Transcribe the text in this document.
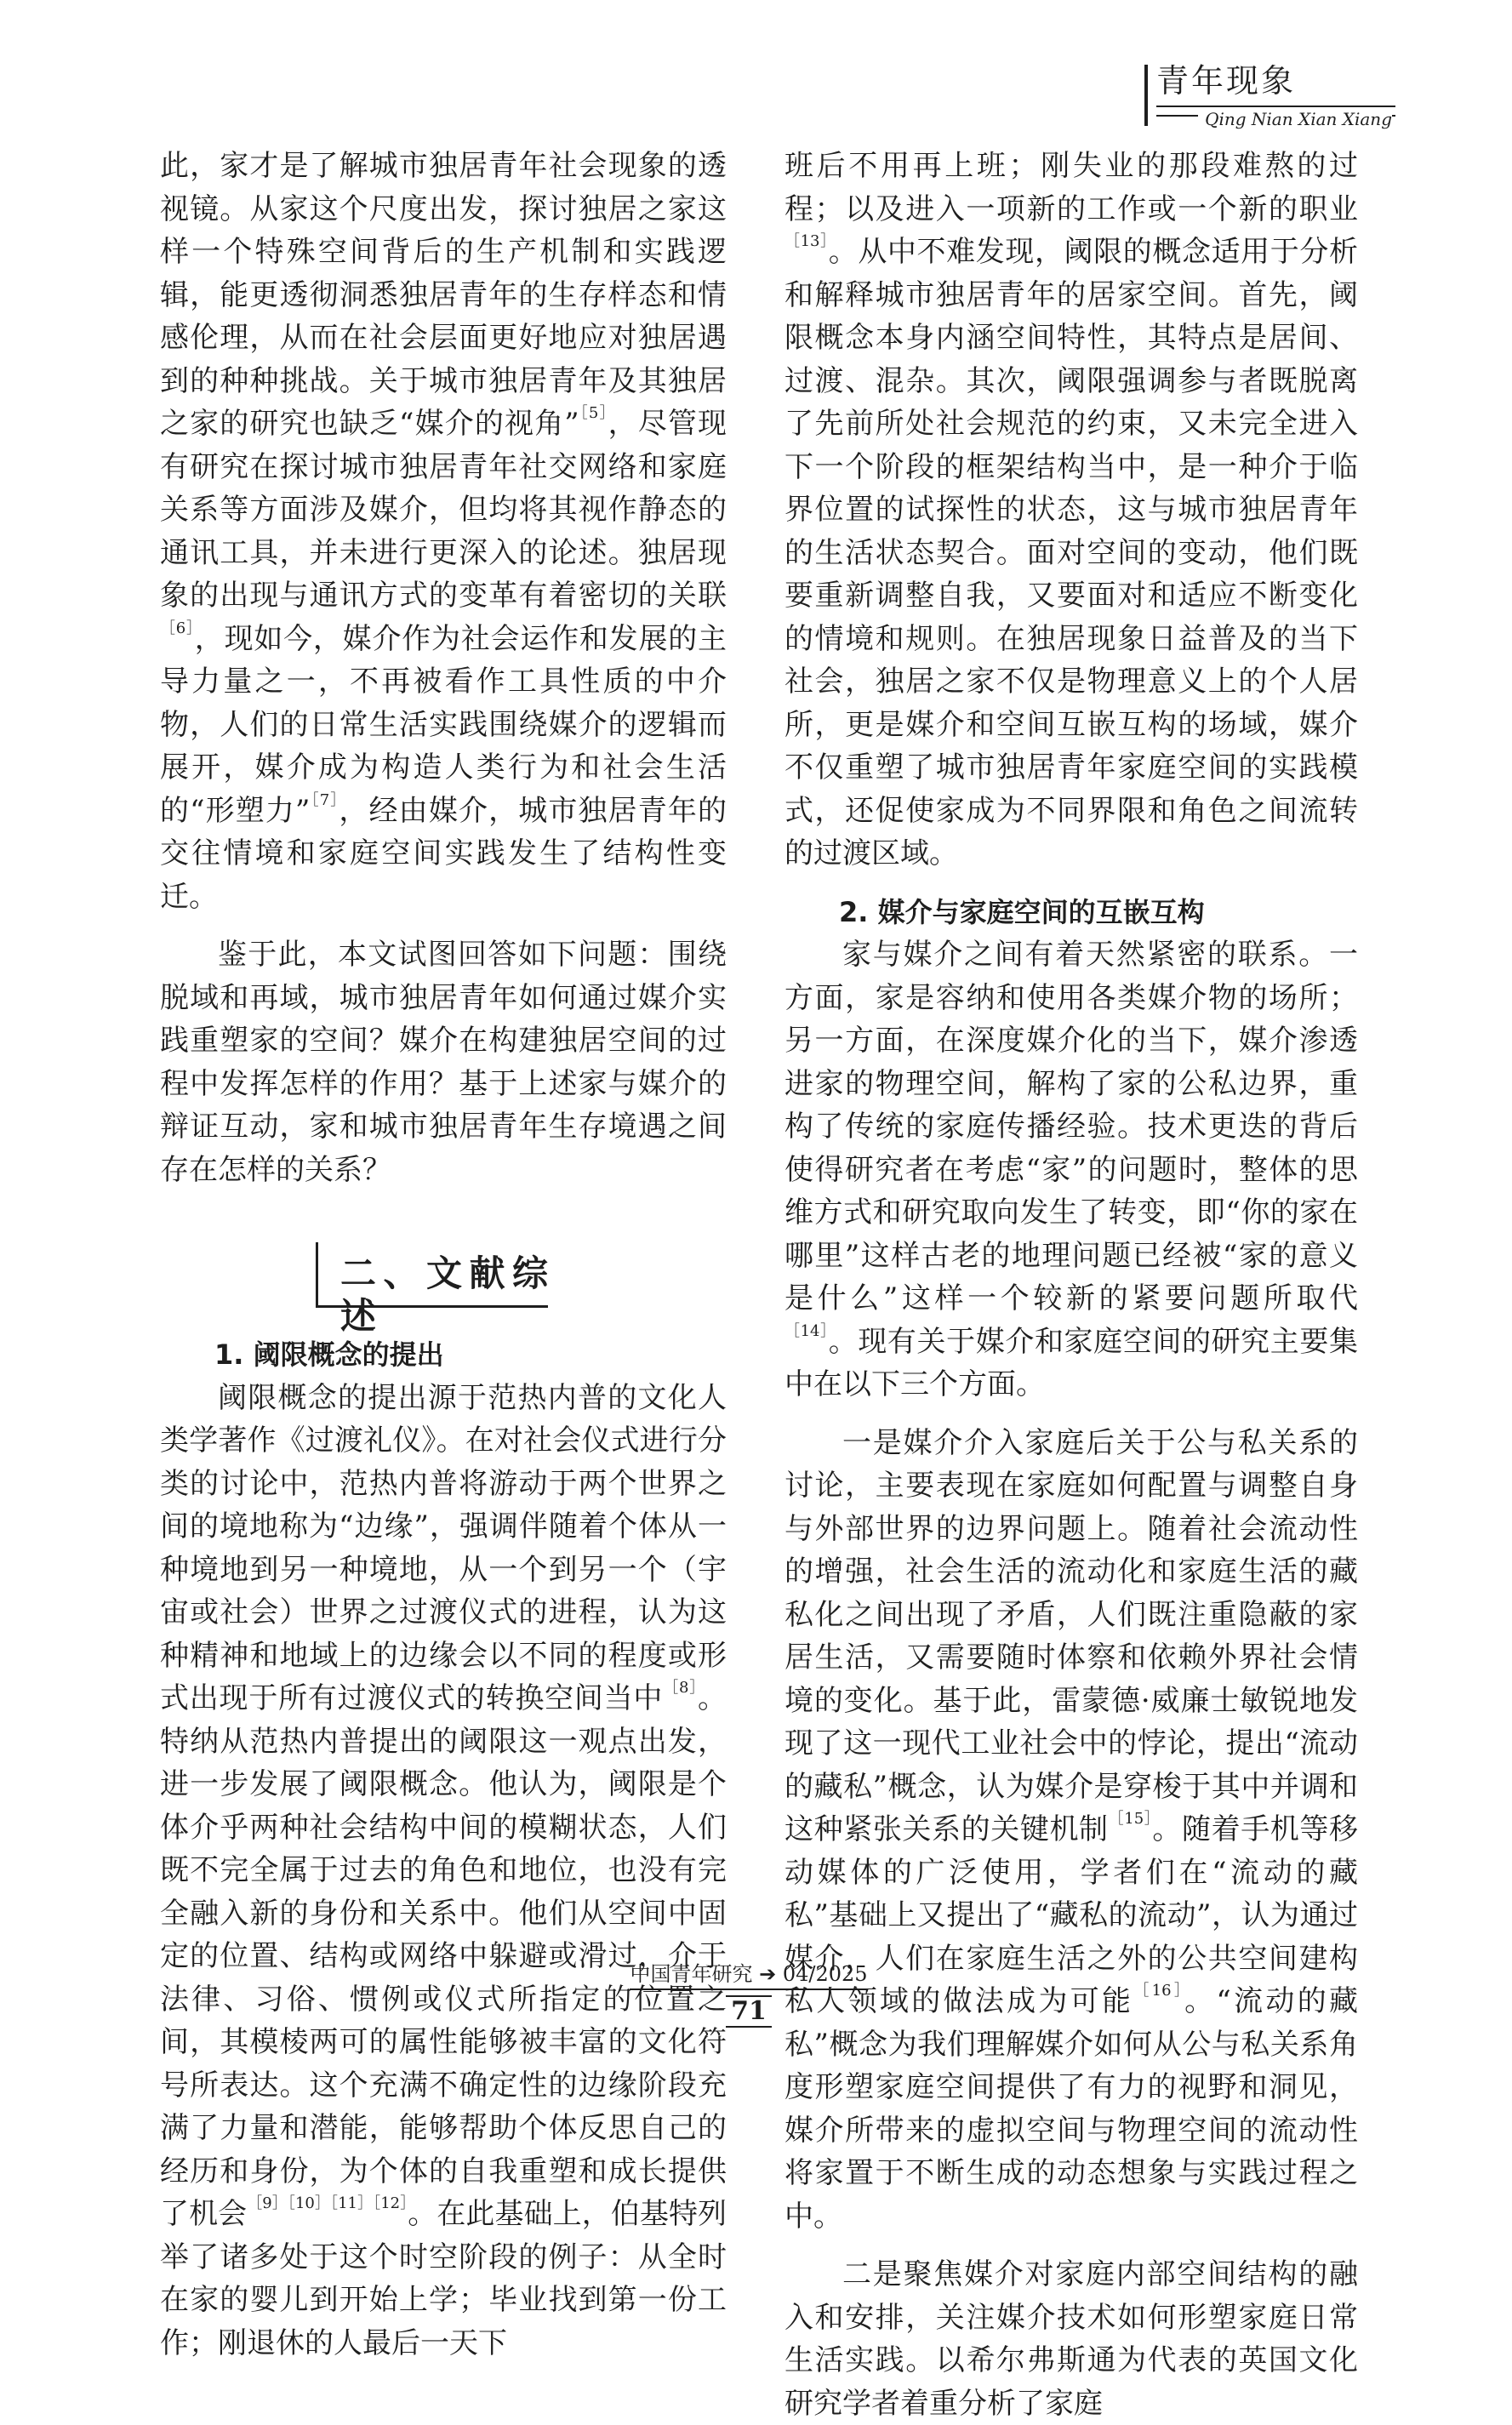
青年现象
Qing Nian Xian Xiang

此，家才是了解城市独居青年社会现象的透视镜。从家这个尺度出发，探讨独居之家这样一个特殊空间背后的生产机制和实践逻辑，能更透彻洞悉独居青年的生存样态和情感伦理，从而在社会层面更好地应对独居遇到的种种挑战。关于城市独居青年及其独居之家的研究也缺乏“媒介的视角”$^{[5]}$，尽管现有研究在探讨城市独居青年社交网络和家庭关系等方面涉及媒介，但均将其视作静态的通讯工具，并未进行更深入的论述。独居现象的出现与通讯方式的变革有着密切的关联$^{[6]}$，现如今，媒介作为社会运作和发展的主导力量之一，不再被看作工具性质的中介物，人们的日常生活实践围绕媒介的逻辑而展开，媒介成为构造人类行为和社会生活的“形塑力”$^{[7]}$，经由媒介，城市独居青年的交往情境和家庭空间实践发生了结构性变迁。

鉴于此，本文试图回答如下问题：围绕脱域和再域，城市独居青年如何通过媒介实践重塑家的空间？媒介在构建独居空间的过程中发挥怎样的作用？基于上述家与媒介的辩证互动，家和城市独居青年生存境遇之间存在怎样的关系？

二、文献综述

1. 阈限概念的提出

阈限概念的提出源于范热内普的文化人类学著作《过渡礼仪》。在对社会仪式进行分类的讨论中，范热内普将游动于两个世界之间的境地称为“边缘”，强调伴随着个体从一种境地到另一种境地，从一个到另一个（宇宙或社会）世界之过渡仪式的进程，认为这种精神和地域上的边缘会以不同的程度或形式出现于所有过渡仪式的转换空间当中$^{[8]}$。特纳从范热内普提出的阈限这一观点出发，进一步发展了阈限概念。他认为，阈限是个体介乎两种社会结构中间的模糊状态，人们既不完全属于过去的角色和地位，也没有完全融入新的身份和关系中。他们从空间中固定的位置、结构或网络中躲避或滑过，介于法律、习俗、惯例或仪式所指定的位置之间，其模棱两可的属性能够被丰富的文化符号所表达。这个充满不确定性的边缘阶段充满了力量和潜能，能够帮助个体反思自己的经历和身份，为个体的自我重塑和成长提供了机会$^{[9][10][11][12]}$。在此基础上，伯基特列举了诸多处于这个时空阶段的例子：从全时在家的婴儿到开始上学；毕业找到第一份工作；刚退休的人最后一天下

班后不用再上班；刚失业的那段难熬的过程；以及进入一项新的工作或一个新的职业$^{[13]}$。从中不难发现，阈限的概念适用于分析和解释城市独居青年的居家空间。首先，阈限概念本身内涵空间特性，其特点是居间、过渡、混杂。其次，阈限强调参与者既脱离了先前所处社会规范的约束，又未完全进入下一个阶段的框架结构当中，是一种介于临界位置的试探性的状态，这与城市独居青年的生活状态契合。面对空间的变动，他们既要重新调整自我，又要面对和适应不断变化的情境和规则。在独居现象日益普及的当下社会，独居之家不仅是物理意义上的个人居所，更是媒介和空间互嵌互构的场域，媒介不仅重塑了城市独居青年家庭空间的实践模式，还促使家成为不同界限和角色之间流转的过渡区域。

2. 媒介与家庭空间的互嵌互构

家与媒介之间有着天然紧密的联系。一方面，家是容纳和使用各类媒介物的场所；另一方面，在深度媒介化的当下，媒介渗透进家的物理空间，解构了家的公私边界，重构了传统的家庭传播经验。技术更迭的背后使得研究者在考虑“家”的问题时，整体的思维方式和研究取向发生了转变，即“你的家在哪里”这样古老的地理问题已经被“家的意义是什么”这样一个较新的紧要问题所取代$^{[14]}$。现有关于媒介和家庭空间的研究主要集中在以下三个方面。

一是媒介介入家庭后关于公与私关系的讨论，主要表现在家庭如何配置与调整自身与外部世界的边界问题上。随着社会流动性的增强，社会生活的流动化和家庭生活的藏私化之间出现了矛盾，人们既注重隐蔽的家居生活，又需要随时体察和依赖外界社会情境的变化。基于此，雷蒙德·威廉士敏锐地发现了这一现代工业社会中的悖论，提出“流动的藏私”概念，认为媒介是穿梭于其中并调和这种紧张关系的关键机制$^{[15]}$。随着手机等移动媒体的广泛使用，学者们在“流动的藏私”基础上又提出了“藏私的流动”，认为通过媒介，人们在家庭生活之外的公共空间建构私人领域的做法成为可能$^{[16]}$。“流动的藏私”概念为我们理解媒介如何从公与私关系角度形塑家庭空间提供了有力的视野和洞见，媒介所带来的虚拟空间与物理空间的流动性将家置于不断生成的动态想象与实践过程之中。

二是聚焦媒介对家庭内部空间结构的融入和安排，关注媒介技术如何形塑家庭日常生活实践。以希尔弗斯通为代表的英国文化研究学者着重分析了家庭

中国青年研究 ➔ 04/2025
71
